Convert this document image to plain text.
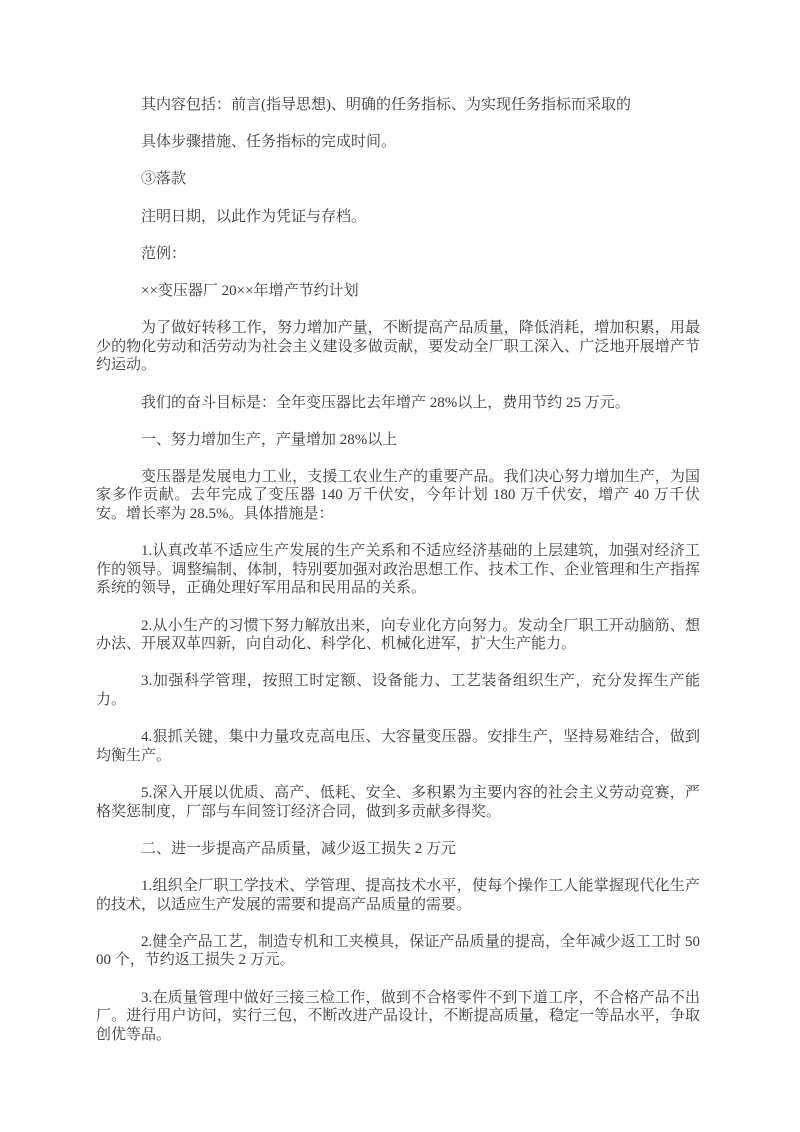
其内容包括：前言(指导思想)、明确的任务指标、为实现任务指标而采取的

具体步骤措施、任务指标的完成时间。

③落款

注明日期，以此作为凭证与存档。

范例：

××变压器厂 20××年增产节约计划

为了做好转移工作，努力增加产量，不断提高产品质量，降低消耗，增加积累，用最少的物化劳动和活劳动为社会主义建设多做贡献，要发动全厂职工深入、广泛地开展增产节约运动。

我们的奋斗目标是：全年变压器比去年增产 28%以上，费用节约 25 万元。

一、努力增加生产，产量增加 28%以上

变压器是发展电力工业，支援工农业生产的重要产品。我们决心努力增加生产，为国家多作贡献。去年完成了变压器 140 万千伏安，今年计划 180 万千伏安，增产 40 万千伏安。增长率为 28.5%。具体措施是：

1.认真改革不适应生产发展的生产关系和不适应经济基础的上层建筑，加强对经济工作的领导。调整编制、体制，特别要加强对政治思想工作、技术工作、企业管理和生产指挥系统的领导，正确处理好军用品和民用品的关系。

2.从小生产的习惯下努力解放出来，向专业化方向努力。发动全厂职工开动脑筋、想办法、开展双革四新，向自动化、科学化、机械化进军，扩大生产能力。

3.加强科学管理，按照工时定额、设备能力、工艺装备组织生产，充分发挥生产能力。

4.狠抓关键，集中力量攻克高电压、大容量变压器。安排生产，坚持易难结合，做到均衡生产。

5.深入开展以优质、高产、低耗、安全、多积累为主要内容的社会主义劳动竞赛，严格奖惩制度，厂部与车间签订经济合同，做到多贡献多得奖。

二、进一步提高产品质量，减少返工损失 2 万元

1.组织全厂职工学技术、学管理、提高技术水平，使每个操作工人能掌握现代化生产的技术，以适应生产发展的需要和提高产品质量的需要。

2.健全产品工艺，制造专机和工夹模具，保证产品质量的提高，全年减少返工工时 5000 个，节约返工损失 2 万元。

3.在质量管理中做好三接三检工作，做到不合格零件不到下道工序，不合格产品不出厂。进行用户访问，实行三包，不断改进产品设计，不断提高质量，稳定一等品水平，争取创优等品。
